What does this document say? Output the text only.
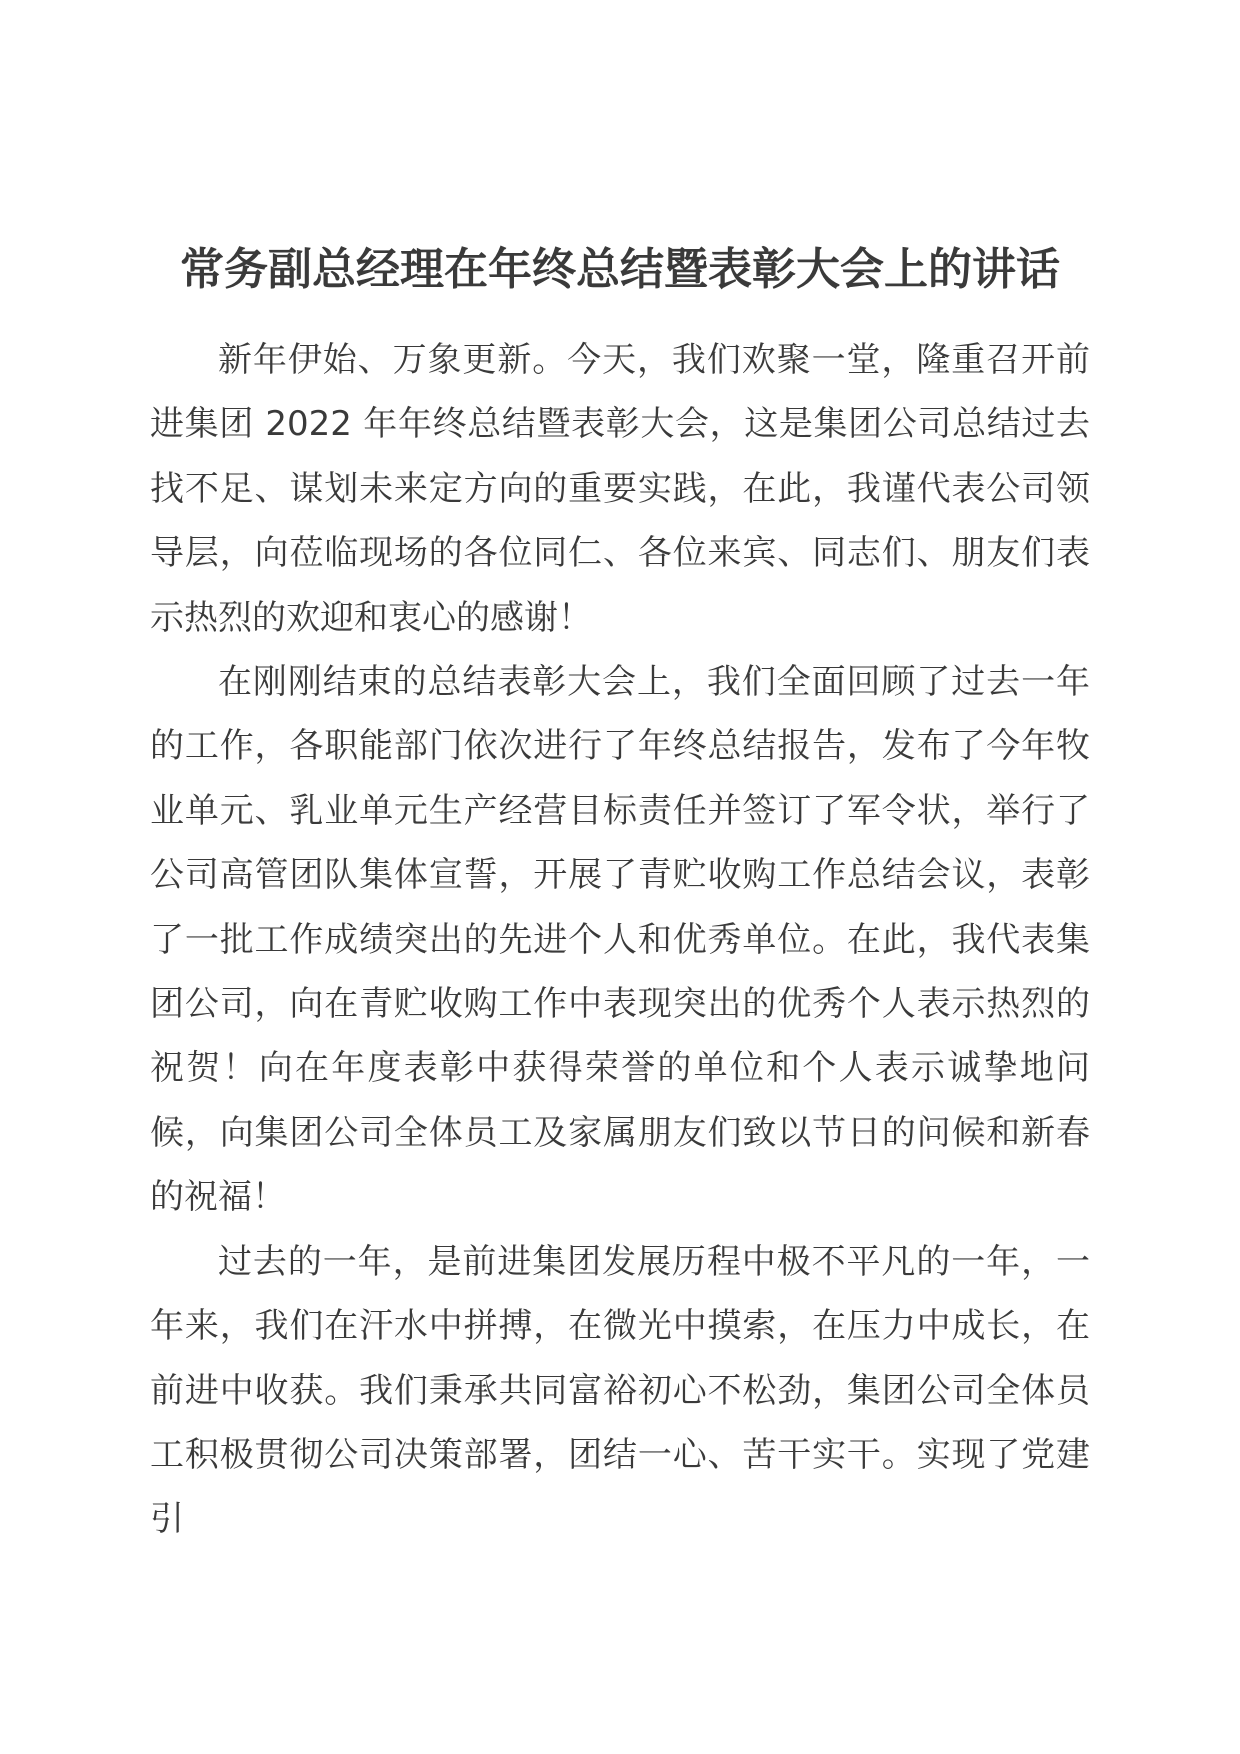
常务副总经理在年终总结暨表彰大会上的讲话

新年伊始、万象更新。今天，我们欢聚一堂，隆重召开前进集团 2022 年年终总结暨表彰大会，这是集团公司总结过去找不足、谋划未来定方向的重要实践，在此，我谨代表公司领导层，向莅临现场的各位同仁、各位来宾、同志们、朋友们表示热烈的欢迎和衷心的感谢！

在刚刚结束的总结表彰大会上，我们全面回顾了过去一年的工作，各职能部门依次进行了年终总结报告，发布了今年牧业单元、乳业单元生产经营目标责任并签订了军令状，举行了公司高管团队集体宣誓，开展了青贮收购工作总结会议，表彰了一批工作成绩突出的先进个人和优秀单位。在此，我代表集团公司，向在青贮收购工作中表现突出的优秀个人表示热烈的祝贺！向在年度表彰中获得荣誉的单位和个人表示诚挚地问候，向集团公司全体员工及家属朋友们致以节日的问候和新春的祝福！

过去的一年，是前进集团发展历程中极不平凡的一年，一年来，我们在汗水中拼搏，在微光中摸索，在压力中成长，在前进中收获。我们秉承共同富裕初心不松劲，集团公司全体员工积极贯彻公司决策部署，团结一心、苦干实干。实现了党建引
